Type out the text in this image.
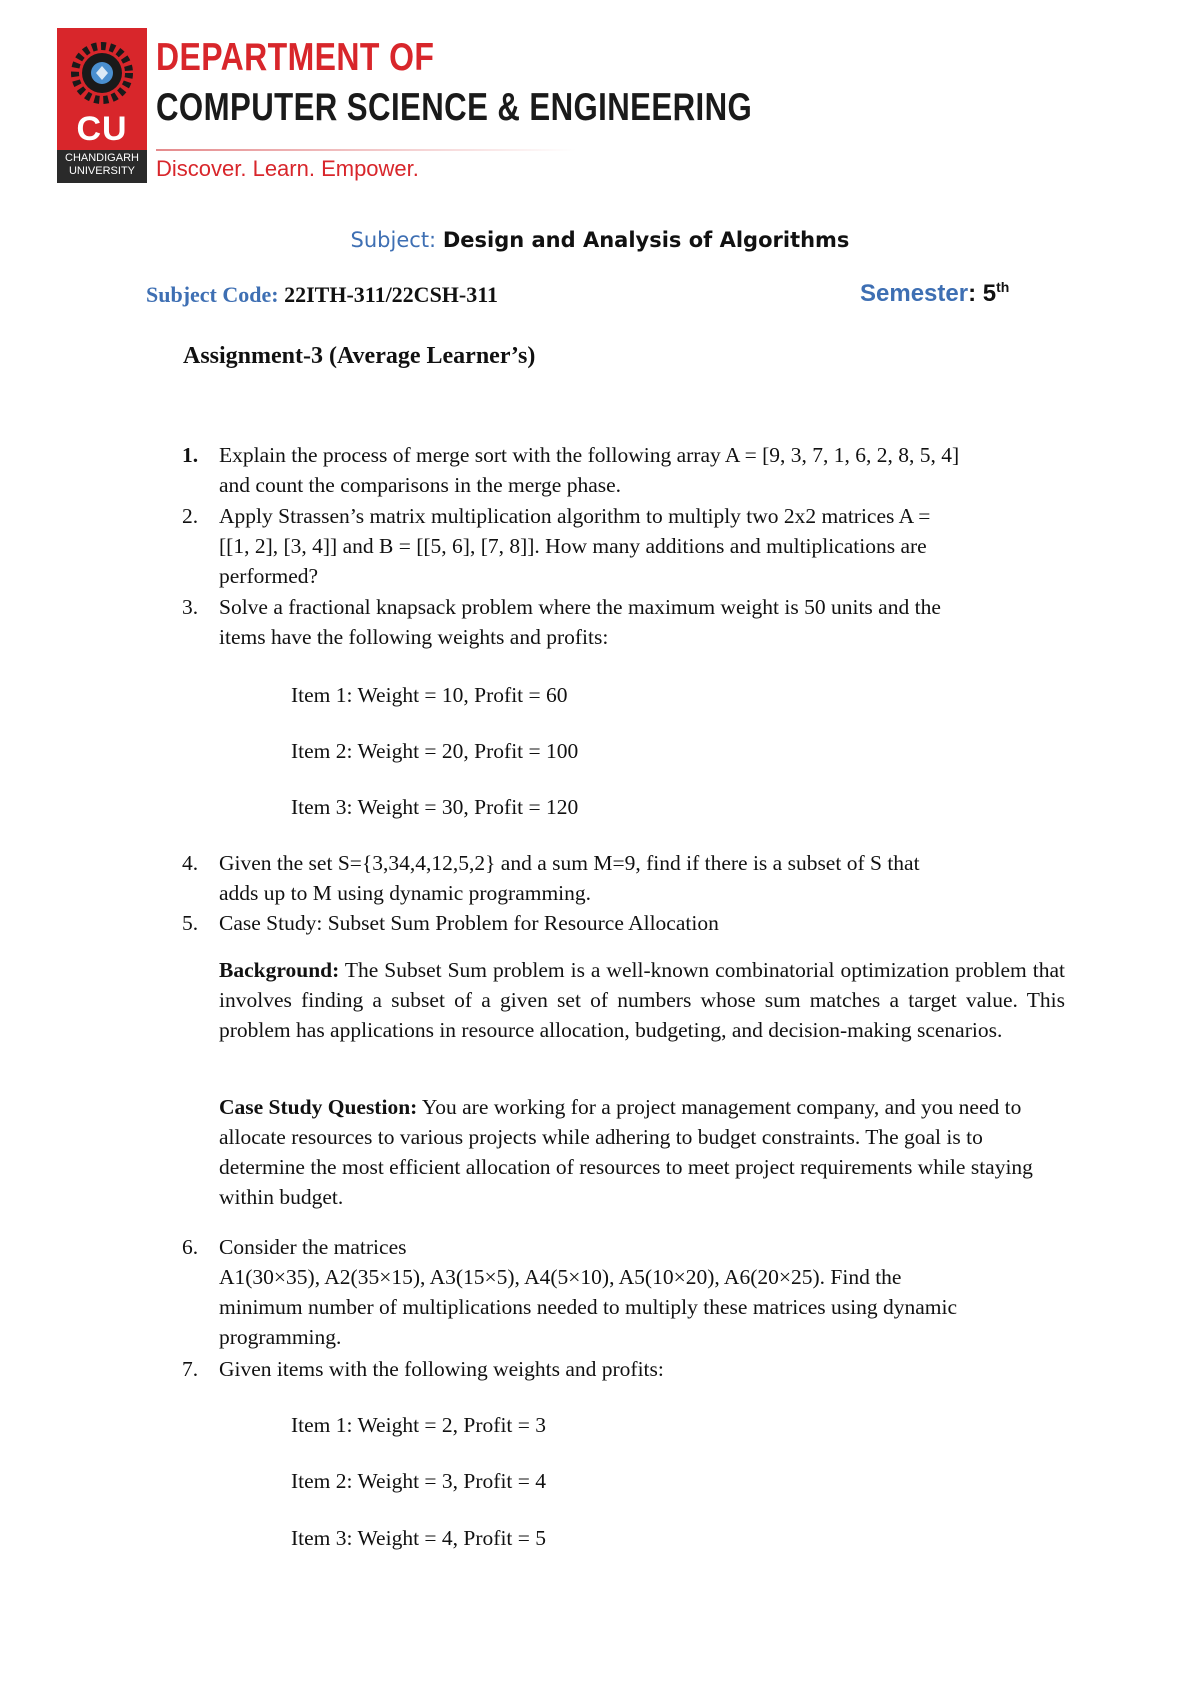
CU
CHANDIGARH
UNIVERSITY
DEPARTMENT OF
COMPUTER SCIENCE & ENGINEERING
Discover. Learn. Empower.
Subject: Design and Analysis of Algorithms
Subject Code: 22ITH-311/22CSH-311	Semester: 5th
Assignment-3 (Average Learner’s)
1. Explain the process of merge sort with the following array A = [9, 3, 7, 1, 6, 2, 8, 5, 4]
and count the comparisons in the merge phase.
2. Apply Strassen’s matrix multiplication algorithm to multiply two 2x2 matrices A =
[[1, 2], [3, 4]] and B = [[5, 6], [7, 8]]. How many additions and multiplications are
performed?
3. Solve a fractional knapsack problem where the maximum weight is 50 units and the
items have the following weights and profits:
Item 1: Weight = 10, Profit = 60
Item 2: Weight = 20, Profit = 100
Item 3: Weight = 30, Profit = 120
4. Given the set S={3,34,4,12,5,2} and a sum M=9, find if there is a subset of S that
adds up to M using dynamic programming.
5. Case Study: Subset Sum Problem for Resource Allocation
Background: The Subset Sum problem is a well-known combinatorial optimization problem that involves finding a subset of a given set of numbers whose sum matches a target value. This problem has applications in resource allocation, budgeting, and decision-making scenarios.
Case Study Question: You are working for a project management company, and you need to allocate resources to various projects while adhering to budget constraints. The goal is to determine the most efficient allocation of resources to meet project requirements while staying within budget.
6. Consider the matrices
A1(30×35), A2(35×15), A3(15×5), A4(5×10), A5(10×20), A6(20×25). Find the
minimum number of multiplications needed to multiply these matrices using dynamic
programming.
7. Given items with the following weights and profits:
Item 1: Weight = 2, Profit = 3
Item 2: Weight = 3, Profit = 4
Item 3: Weight = 4, Profit = 5
